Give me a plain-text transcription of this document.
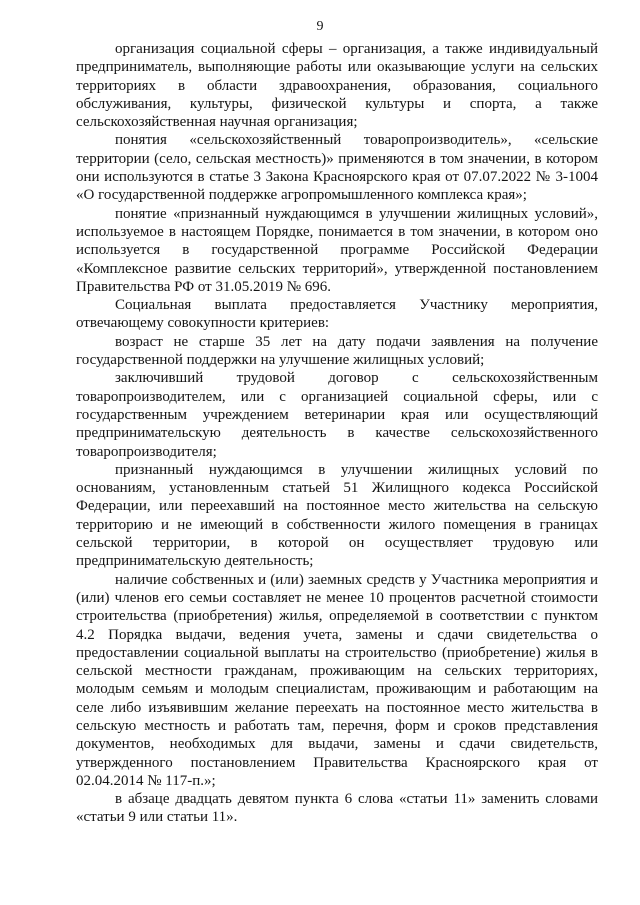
9

организация социальной сферы – организация, а также индивидуальный предприниматель, выполняющие работы или оказывающие услуги на сельских территориях в области здравоохранения, образования, социального обслуживания, культуры, физической культуры и спорта, а также сельскохозяйственная научная организация;

понятия «сельскохозяйственный товаропроизводитель», «сельские территории (село, сельская местность)» применяются в том значении, в котором они используются в статье 3 Закона Красноярского края от 07.07.2022 № 3-1004 «О государственной поддержке агропромышленного комплекса края»;

понятие «признанный нуждающимся в улучшении жилищных условий», используемое в настоящем Порядке, понимается в том значении, в котором оно используется в государственной программе Российской Федерации «Комплексное развитие сельских территорий», утвержденной постановлением Правительства РФ от 31.05.2019 № 696.

Социальная выплата предоставляется Участнику мероприятия, отвечающему совокупности критериев:

возраст не старше 35 лет на дату подачи заявления на получение государственной поддержки на улучшение жилищных условий;

заключивший трудовой договор с сельскохозяйственным товаропроизводителем, или с организацией социальной сферы, или с государственным учреждением ветеринарии края или осуществляющий предпринимательскую деятельность в качестве сельскохозяйственного товаропроизводителя;

признанный нуждающимся в улучшении жилищных условий по основаниям, установленным статьей 51 Жилищного кодекса Российской Федерации, или переехавший на постоянное место жительства на сельскую территорию и не имеющий в собственности жилого помещения в границах сельской территории, в которой он осуществляет трудовую или предпринимательскую деятельность;

наличие собственных и (или) заемных средств у Участника мероприятия и (или) членов его семьи составляет не менее 10 процентов расчетной стоимости строительства (приобретения) жилья, определяемой в соответствии с пунктом 4.2 Порядка выдачи, ведения учета, замены и сдачи свидетельства о предоставлении социальной выплаты на строительство (приобретение) жилья в сельской местности гражданам, проживающим на сельских территориях, молодым семьям и молодым специалистам, проживающим и работающим на селе либо изъявившим желание переехать на постоянное место жительства в сельскую местность и работать там, перечня, форм и сроков представления документов, необходимых для выдачи, замены и сдачи свидетельств, утвержденного постановлением Правительства Красноярского края от 02.04.2014 № 117-п.»;

в абзаце двадцать девятом пункта 6 слова «статьи 11» заменить словами «статьи 9 или статьи 11».
